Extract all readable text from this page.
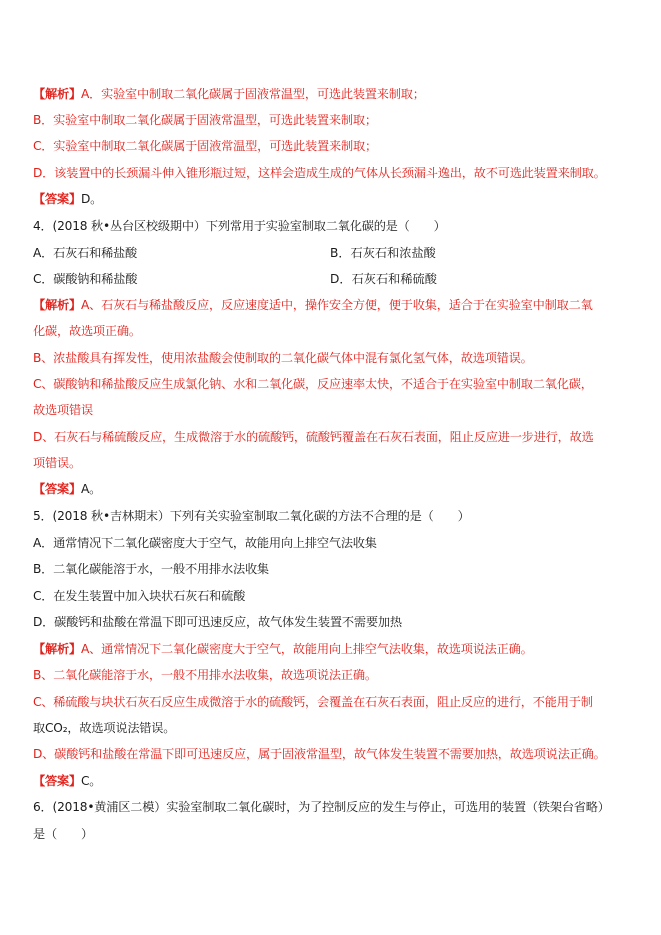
【解析】A．实验室中制取二氧化碳属于固液常温型，可选此装置来制取；
B．实验室中制取二氧化碳属于固液常温型，可选此装置来制取；
C．实验室中制取二氧化碳属于固液常温型，可选此装置来制取；
D．该装置中的长颈漏斗伸入锥形瓶过短，这样会造成生成的气体从长颈漏斗逸出，故不可选此装置来制取。
【答案】D。
4．(2018 秋•丛台区校级期中）下列常用于实验室制取二氧化碳的是（　　）
A．石灰石和稀盐酸	B．石灰石和浓盐酸
C．碳酸钠和稀盐酸	D．石灰石和稀硫酸
【解析】A、石灰石与稀盐酸反应，反应速度适中，操作安全方便，便于收集，适合于在实验室中制取二氧
化碳，故选项正确。
B、浓盐酸具有挥发性，使用浓盐酸会使制取的二氧化碳气体中混有氯化氢气体，故选项错误。
C、碳酸钠和稀盐酸反应生成氯化钠、水和二氧化碳，反应速率太快，不适合于在实验室中制取二氧化碳，
故选项错误
D、石灰石与稀硫酸反应，生成微溶于水的硫酸钙，硫酸钙覆盖在石灰石表面，阻止反应进一步进行，故选
项错误。
【答案】A。
5．(2018 秋•吉林期末）下列有关实验室制取二氧化碳的方法不合理的是（　　）
A．通常情况下二氧化碳密度大于空气，故能用向上排空气法收集
B．二氧化碳能溶于水，一般不用排水法收集
C．在发生装置中加入块状石灰石和硫酸
D．碳酸钙和盐酸在常温下即可迅速反应，故气体发生装置不需要加热
【解析】A、通常情况下二氧化碳密度大于空气，故能用向上排空气法收集，故选项说法正确。
B、二氧化碳能溶于水，一般不用排水法收集，故选项说法正确。
C、稀硫酸与块状石灰石反应生成微溶于水的硫酸钙，会覆盖在石灰石表面，阻止反应的进行，不能用于制
取CO₂，故选项说法错误。
D、碳酸钙和盐酸在常温下即可迅速反应，属于固液常温型，故气体发生装置不需要加热，故选项说法正确。
【答案】C。
6．(2018•黄浦区二模）实验室制取二氧化碳时，为了控制反应的发生与停止，可选用的装置（铁架台省略）
是（　　）
